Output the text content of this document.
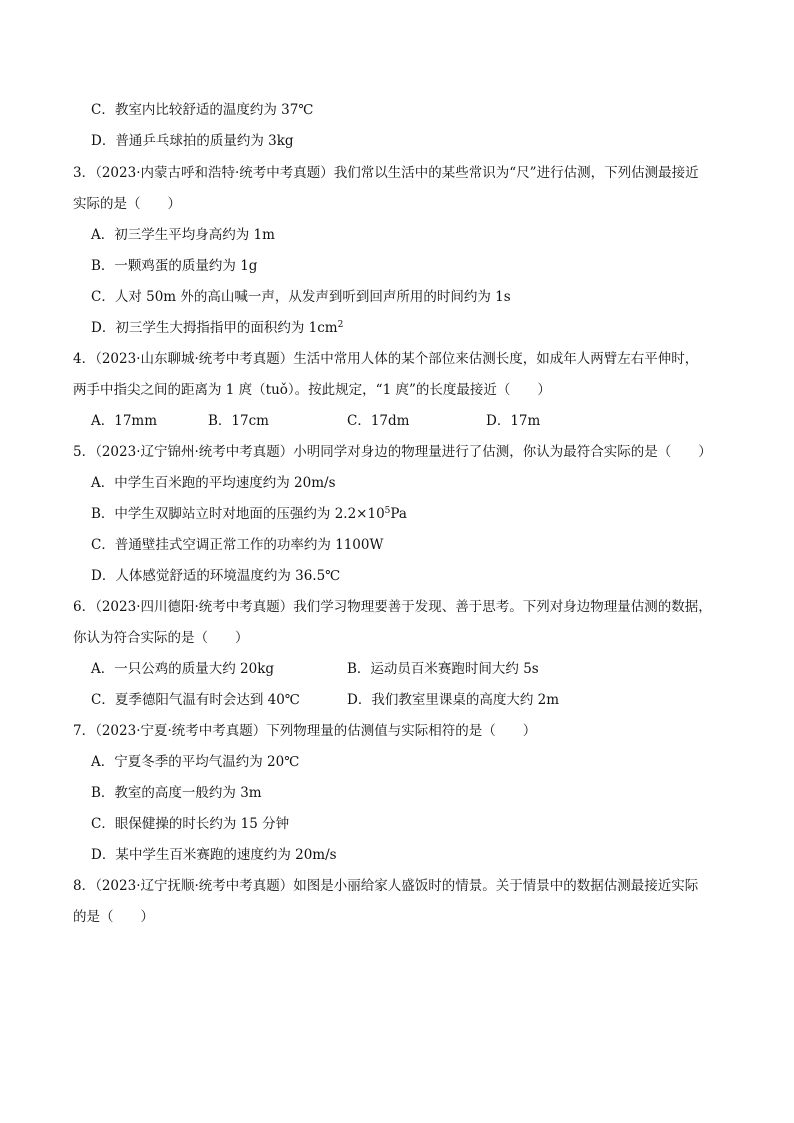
C．教室内比较舒适的温度约为 37℃
D．普通乒乓球拍的质量约为 3kg
3．（2023·内蒙古呼和浩特·统考中考真题）我们常以生活中的某些常识为“尺”进行估测，下列估测最接近
实际的是（　　）
A．初三学生平均身高约为 1m
B．一颗鸡蛋的质量约为 1g
C．人对 50m 外的高山喊一声，从发声到听到回声所用的时间约为 1s
D．初三学生大拇指指甲的面积约为 $1cm^2$
4．（2023·山东聊城·统考中考真题）生活中常用人体的某个部位来估测长度，如成年人两臂左右平伸时，
两手中指尖之间的距离为 1 庹（tuǒ）。按此规定，“1 庹”的长度最接近（　　）
A．17mm	B．17cm	C．17dm	D．17m
5．（2023·辽宁锦州·统考中考真题）小明同学对身边的物理量进行了估测，你认为最符合实际的是（　　）
A．中学生百米跑的平均速度约为 20m/s
B．中学生双脚站立时对地面的压强约为 $2.2\times 10^5Pa$
C．普通壁挂式空调正常工作的功率约为 1100W
D．人体感觉舒适的环境温度约为 36.5℃
6．（2023·四川德阳·统考中考真题）我们学习物理要善于发现、善于思考。下列对身边物理量估测的数据，
你认为符合实际的是（　　）
A．一只公鸡的质量大约 20kg	B．运动员百米赛跑时间大约 5s
C．夏季德阳气温有时会达到 40℃	D．我们教室里课桌的高度大约 2m
7．（2023·宁夏·统考中考真题）下列物理量的估测值与实际相符的是（　　）
A．宁夏冬季的平均气温约为 20℃
B．教室的高度一般约为 3m
C．眼保健操的时长约为 15 分钟
D．某中学生百米赛跑的速度约为 20m/s
8．（2023·辽宁抚顺·统考中考真题）如图是小丽给家人盛饭时的情景。关于情景中的数据估测最接近实际
的是（　　）
